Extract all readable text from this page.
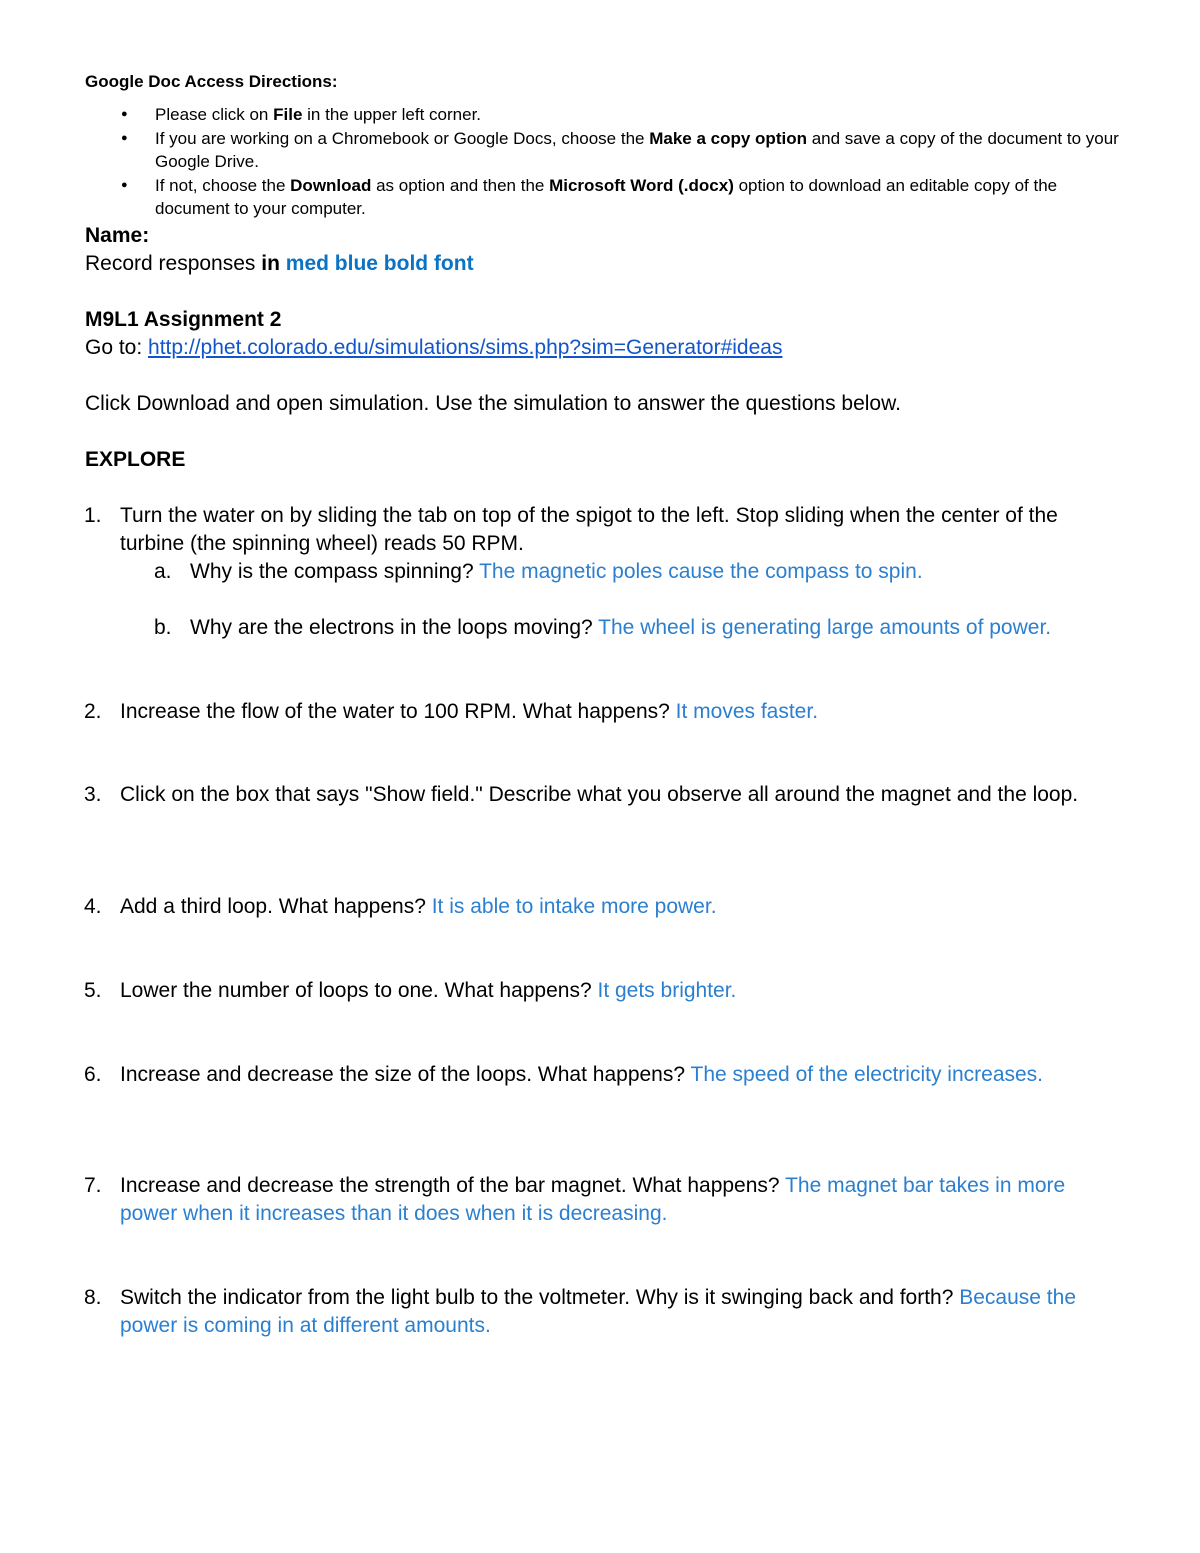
Google Doc Access Directions:
● Please click on File in the upper left corner.
● If you are working on a Chromebook or Google Docs, choose the Make a copy option and save a copy of the document to your Google Drive.
● If not, choose the Download as option and then the Microsoft Word (.docx) option to download an editable copy of the document to your computer.
Name:
Record responses in med blue bold font
M9L1 Assignment 2
Go to: http://phet.colorado.edu/simulations/sims.php?sim=Generator#ideas
Click Download and open simulation. Use the simulation to answer the questions below.
EXPLORE
1. Turn the water on by sliding the tab on top of the spigot to the left. Stop sliding when the center of the turbine (the spinning wheel) reads 50 RPM.
a. Why is the compass spinning? The magnetic poles cause the compass to spin.
b. Why are the electrons in the loops moving? The wheel is generating large amounts of power.
2. Increase the flow of the water to 100 RPM. What happens? It moves faster.
3. Click on the box that says "Show field." Describe what you observe all around the magnet and the loop.
4. Add a third loop. What happens? It is able to intake more power.
5. Lower the number of loops to one. What happens? It gets brighter.
6. Increase and decrease the size of the loops. What happens? The speed of the electricity increases.
7. Increase and decrease the strength of the bar magnet. What happens? The magnet bar takes in more power when it increases than it does when it is decreasing.
8. Switch the indicator from the light bulb to the voltmeter. Why is it swinging back and forth? Because the power is coming in at different amounts.
